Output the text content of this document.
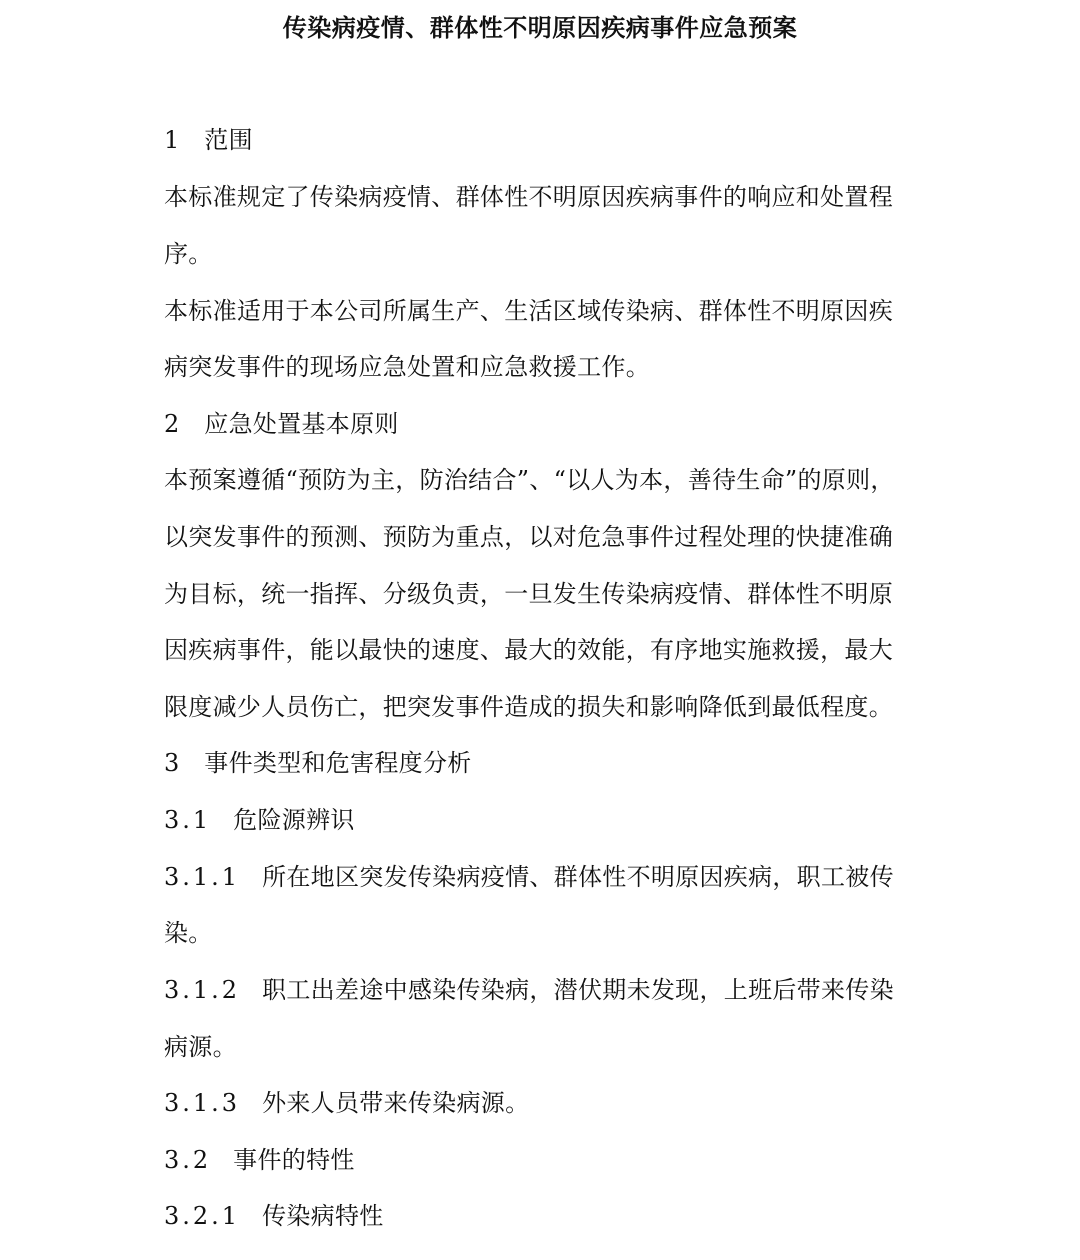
传染病疫情、群体性不明原因疾病事件应急预案
1 范围
本标准规定了传染病疫情、群体性不明原因疾病事件的响应和处置程
序。
本标准适用于本公司所属生产、生活区域传染病、群体性不明原因疾
病突发事件的现场应急处置和应急救援工作。
2 应急处置基本原则
本预案遵循“预防为主，防治结合”、“以人为本，善待生命”的原则，
以突发事件的预测、预防为重点，以对危急事件过程处理的快捷准确
为目标，统一指挥、分级负责，一旦发生传染病疫情、群体性不明原
因疾病事件，能以最快的速度、最大的效能，有序地实施救援，最大
限度减少人员伤亡，把突发事件造成的损失和影响降低到最低程度。
3 事件类型和危害程度分析
3.1 危险源辨识
3.1.1 所在地区突发传染病疫情、群体性不明原因疾病，职工被传
染。
3.1.2 职工出差途中感染传染病，潜伏期未发现，上班后带来传染
病源。
3.1.3 外来人员带来传染病源。
3.2 事件的特性
3.2.1 传染病特性
